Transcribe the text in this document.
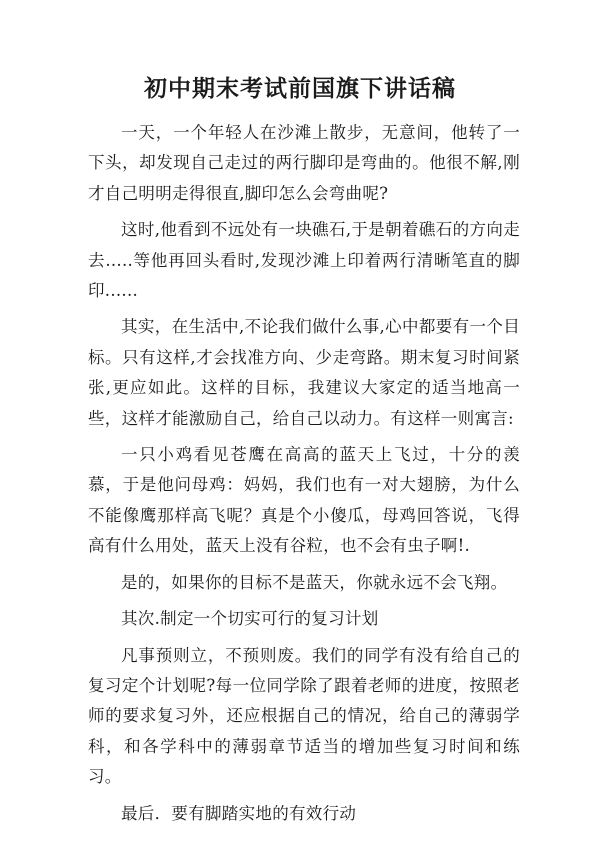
初中期末考试前国旗下讲话稿

一天，一个年轻人在沙滩上散步，无意间，他转了一下头，却发现自己走过的两行脚印是弯曲的。他很不解,刚才自己明明走得很直,脚印怎么会弯曲呢?

这时,他看到不远处有一块礁石,于是朝着礁石的方向走去.....等他再回头看时,发现沙滩上印着两行清晰笔直的脚印......

其实，在生活中,不论我们做什么事,心中都要有一个目标。只有这样,才会找准方向、少走弯路。期末复习时间紧张,更应如此。这样的目标，我建议大家定的适当地高一些，这样才能激励自己，给自己以动力。有这样一则寓言:

一只小鸡看见苍鹰在高高的蓝天上飞过，十分的羡慕，于是他问母鸡：妈妈，我们也有一对大翅膀，为什么不能像鹰那样高飞呢？真是个小傻瓜，母鸡回答说，飞得高有什么用处，蓝天上没有谷粒，也不会有虫子啊!.

是的，如果你的目标不是蓝天，你就永远不会飞翔。

其次.制定一个切实可行的复习计划

凡事预则立，不预则废。我们的同学有没有给自己的复习定个计划呢?每一位同学除了跟着老师的进度，按照老师的要求复习外，还应根据自己的情况，给自己的薄弱学科，和各学科中的薄弱章节适当的增加些复习时间和练习。

最后．要有脚踏实地的有效行动
